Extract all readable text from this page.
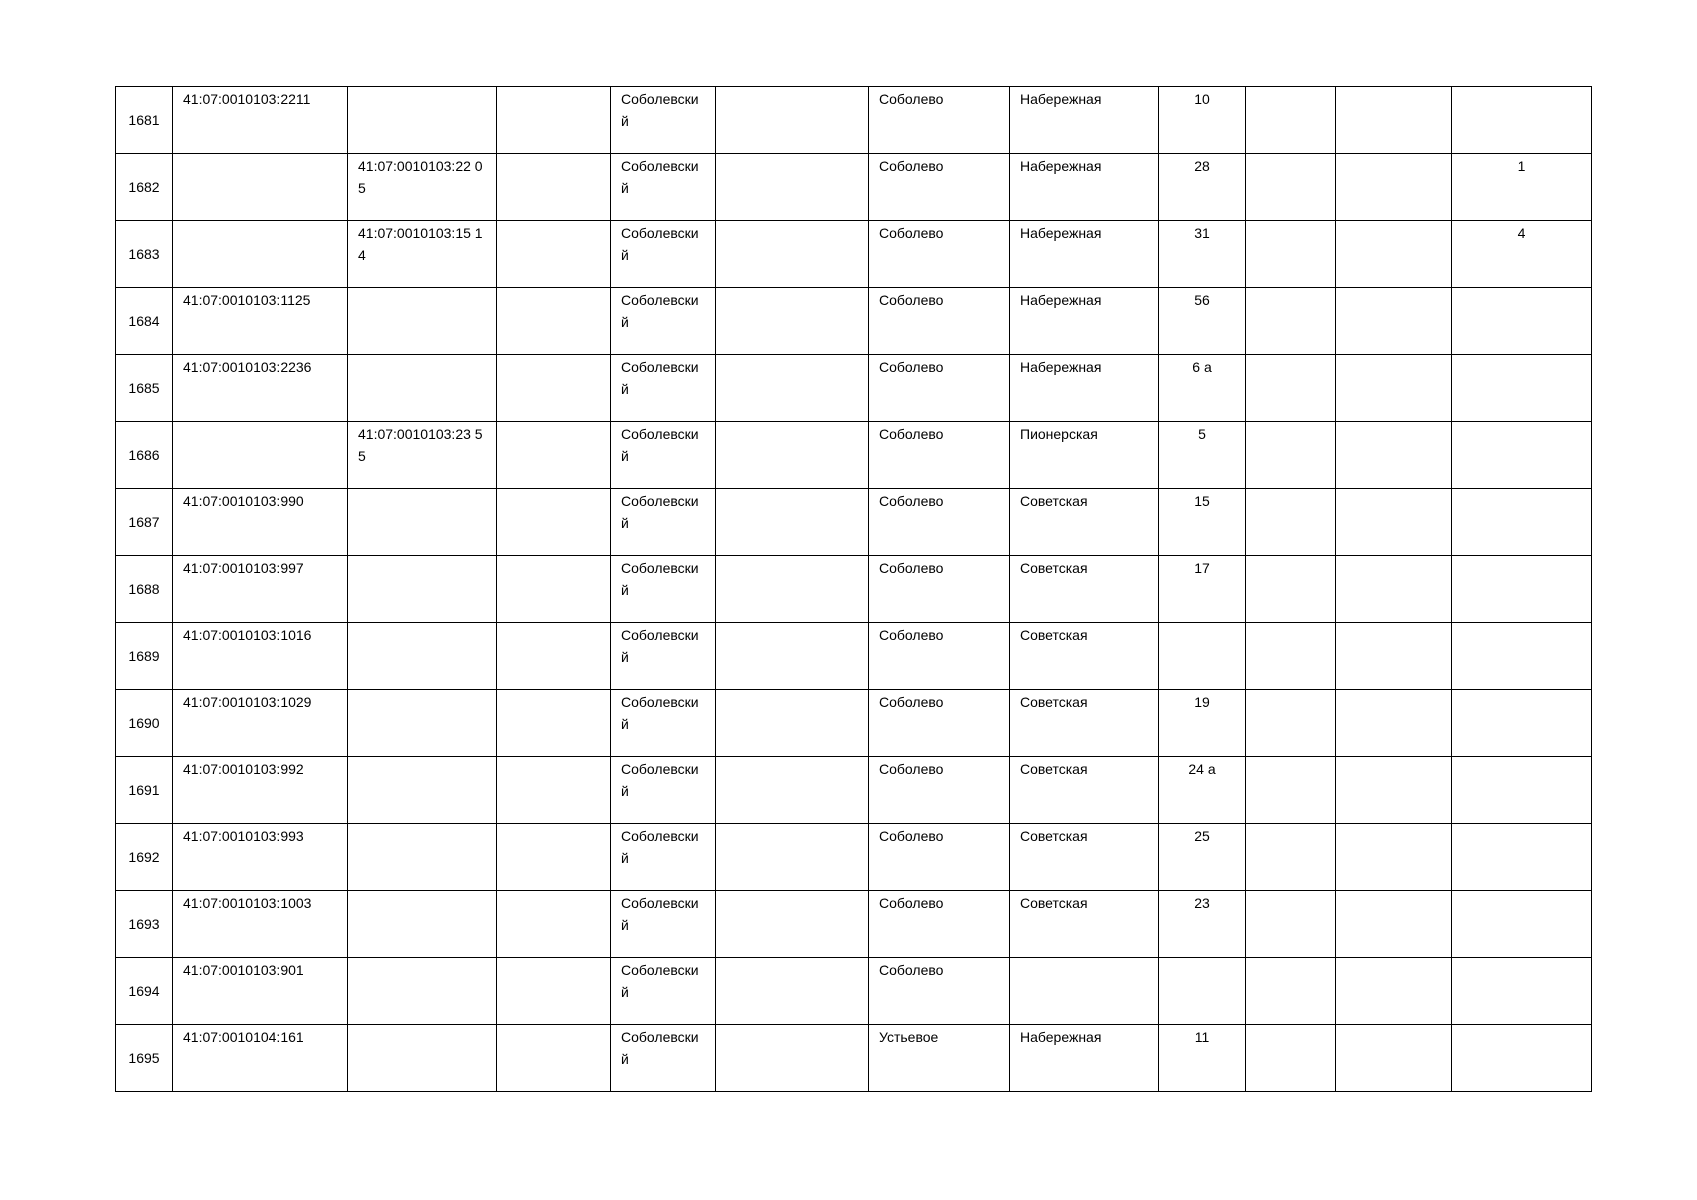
1681	41:07:0010103:2211			Соболевски й		Соболево	Набережная	10			
1682		41:07:0010103:22 05		Соболевски й		Соболево	Набережная	28			1
1683		41:07:0010103:15 14		Соболевски й		Соболево	Набережная	31			4
1684	41:07:0010103:1125			Соболевски й		Соболево	Набережная	56			
1685	41:07:0010103:2236			Соболевски й		Соболево	Набережная	6 а			
1686		41:07:0010103:23 55		Соболевски й		Соболево	Пионерская	5			
1687	41:07:0010103:990			Соболевски й		Соболево	Советская	15			
1688	41:07:0010103:997			Соболевски й		Соболево	Советская	17			
1689	41:07:0010103:1016			Соболевски й		Соболево	Советская				
1690	41:07:0010103:1029			Соболевски й		Соболево	Советская	19			
1691	41:07:0010103:992			Соболевски й		Соболево	Советская	24 а			
1692	41:07:0010103:993			Соболевски й		Соболево	Советская	25			
1693	41:07:0010103:1003			Соболевски й		Соболево	Советская	23			
1694	41:07:0010103:901			Соболевски й		Соболево					
1695	41:07:0010104:161			Соболевски й		Устьевое	Набережная	11			
